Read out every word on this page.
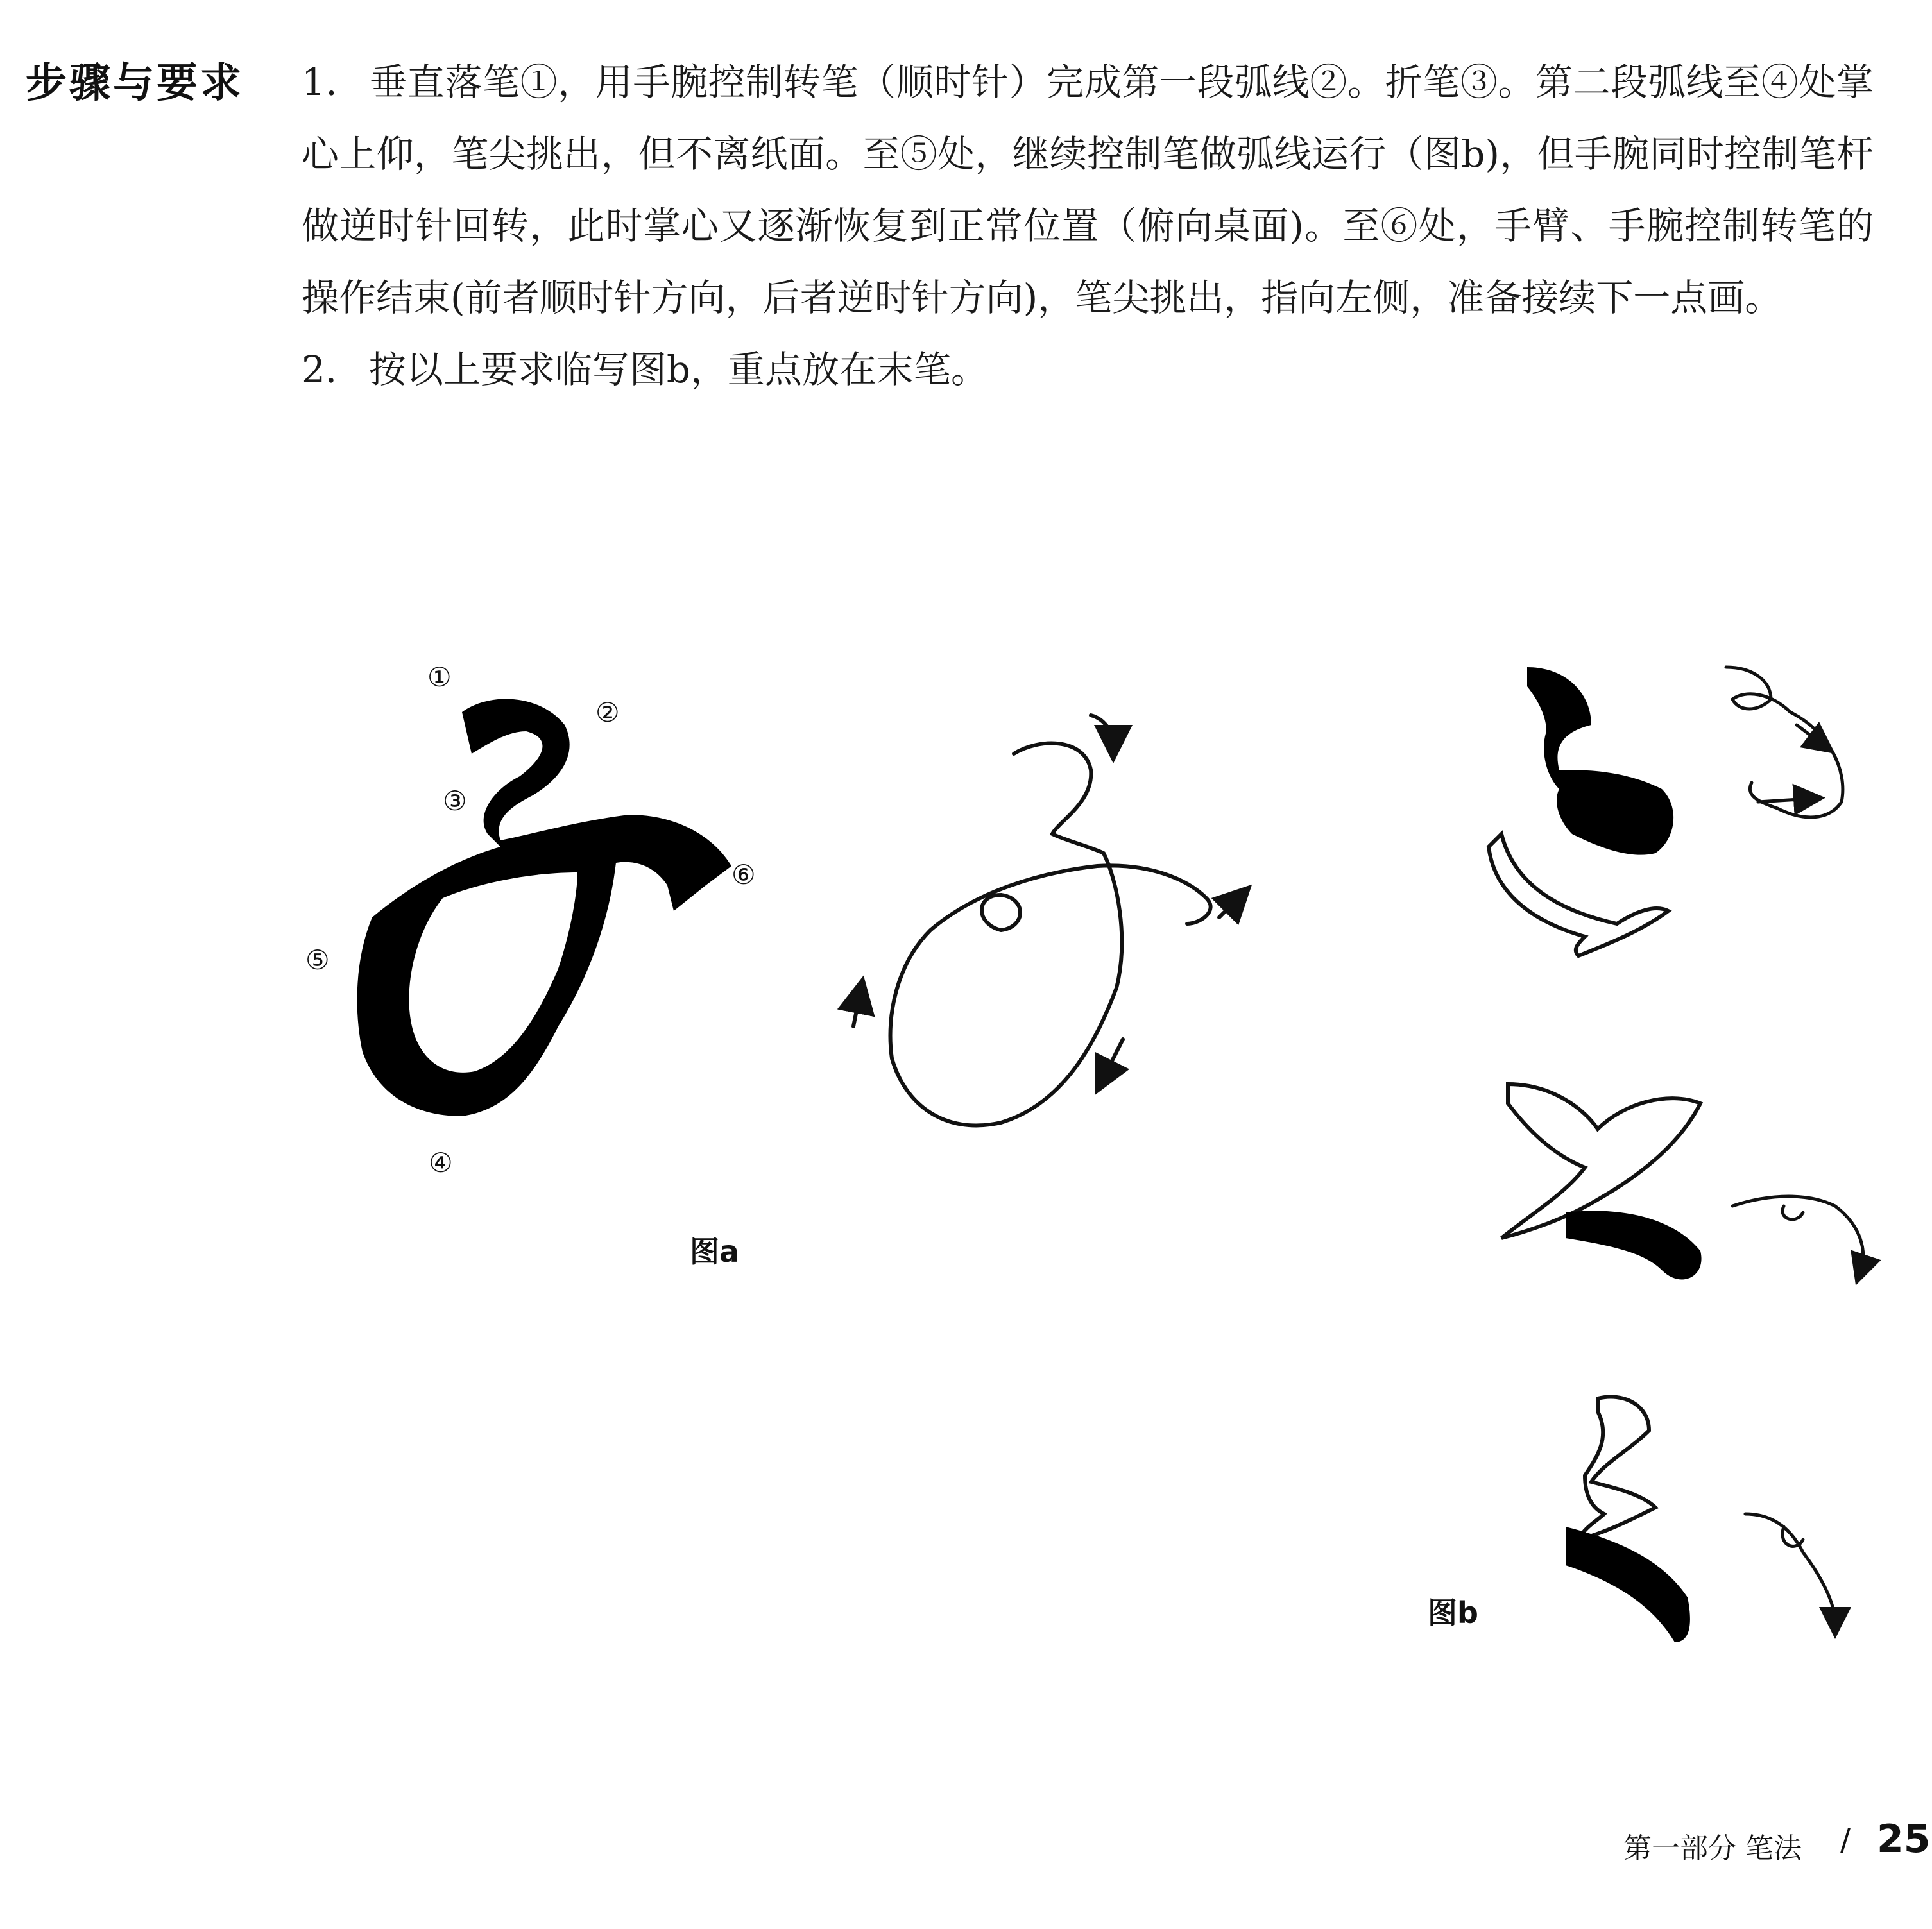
步骤与要求 1． 垂直落笔①，用手腕控制转笔（顺时针）完成第一段弧线②。折笔③。第二段弧线至④处掌心上仰，笔尖挑出，但不离纸面。至⑤处，继续控制笔做弧线运行（图b)，但手腕同时控制笔杆做逆时针回转，此时掌心又逐渐恢复到正常位置（俯向桌面)。至⑥处，手臂、手腕控制转笔的操作结束(前者顺时针方向，后者逆时针方向)，笔尖挑出，指向左侧，准备接续下一点画。

2． 按以上要求临写图b，重点放在末笔。

①
②
③
④
⑤
⑥
图a
图b
第一部分 笔法 / 25
